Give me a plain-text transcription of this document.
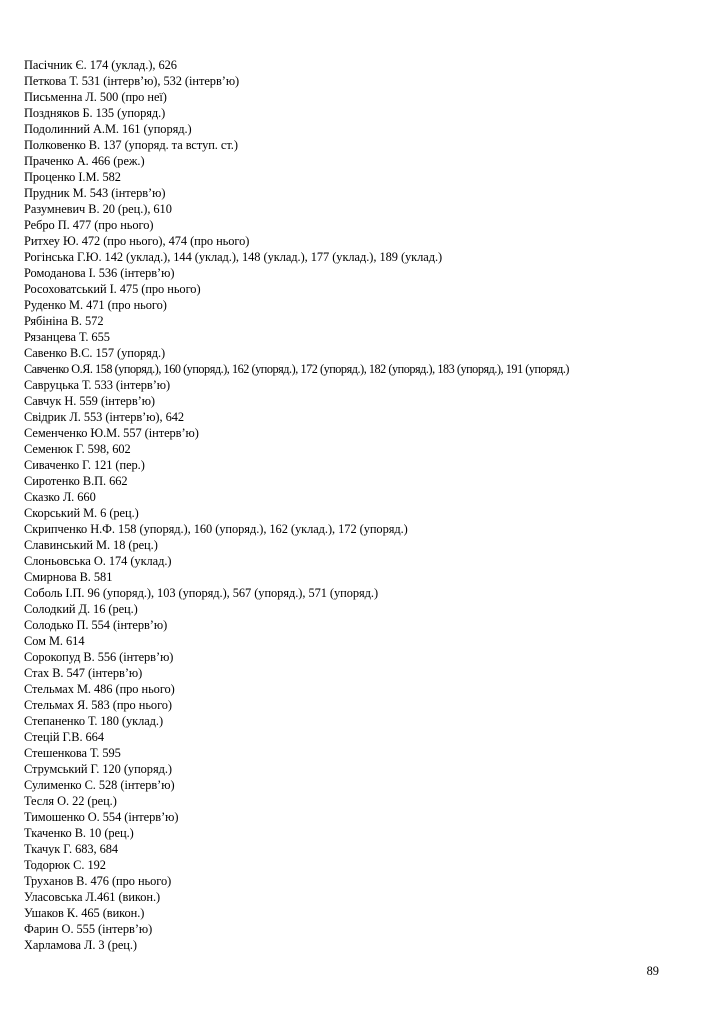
Пасічник Є. 174 (уклад.), 626
Петкова Т. 531 (інтерв’ю), 532 (інтерв’ю)
Письменна Л. 500 (про неї)
Поздняков Б. 135 (упоряд.)
Подолинний А.М. 161 (упоряд.)
Полковенко В. 137 (упоряд. та вступ. ст.)
Праченко А. 466 (реж.)
Проценко І.М. 582
Прудник М. 543 (інтерв’ю)
Разумневич В. 20 (рец.), 610
Ребро П. 477 (про нього)
Ритхеу Ю. 472 (про нього), 474 (про нього)
Рогінська Г.Ю. 142 (уклад.), 144 (уклад.), 148 (уклад.), 177 (уклад.), 189 (уклад.)
Ромоданова І. 536 (інтерв’ю)
Росоховатський І. 475 (про нього)
Руденко М. 471 (про нього)
Рябініна В. 572
Рязанцева Т. 655
Савенко В.С. 157 (упоряд.)
Савченко О.Я. 158 (упоряд.), 160 (упоряд.), 162 (упоряд.), 172 (упоряд.), 182 (упоряд.), 183 (упоряд.), 191 (упоряд.)
Савруцька Т. 533 (інтерв’ю)
Савчук Н. 559 (інтерв’ю)
Свідрик Л. 553 (інтерв’ю), 642
Семенченко Ю.М. 557 (інтерв’ю)
Семенюк Г. 598, 602
Сиваченко Г. 121 (пер.)
Сиротенко В.П. 662
Сказко Л. 660
Скорський М. 6 (рец.)
Скрипченко Н.Ф. 158 (упоряд.), 160 (упоряд.), 162 (уклад.), 172 (упоряд.)
Славинський М. 18 (рец.)
Слоньовська О. 174 (уклад.)
Смирнова В. 581
Соболь І.П. 96 (упоряд.), 103 (упоряд.), 567 (упоряд.), 571 (упоряд.)
Солодкий Д. 16 (рец.)
Солодько П. 554 (інтерв’ю)
Сом М. 614
Сорокопуд В. 556 (інтерв’ю)
Стах В. 547 (інтерв’ю)
Стельмах М. 486 (про нього)
Стельмах Я. 583 (про нього)
Степаненко Т. 180 (уклад.)
Стецій Г.В. 664
Стешенкова Т. 595
Струмський Г. 120 (упоряд.)
Сулименко С. 528 (інтерв’ю)
Тесля О. 22 (рец.)
Тимошенко О. 554 (інтерв’ю)
Ткаченко В. 10 (рец.)
Ткачук Г. 683, 684
Тодорюк С. 192
Труханов В. 476 (про нього)
Уласовська Л.461 (викон.)
Ушаков К. 465 (викон.)
Фарин О. 555 (інтерв’ю)
Харламова Л. 3 (рец.)
89
